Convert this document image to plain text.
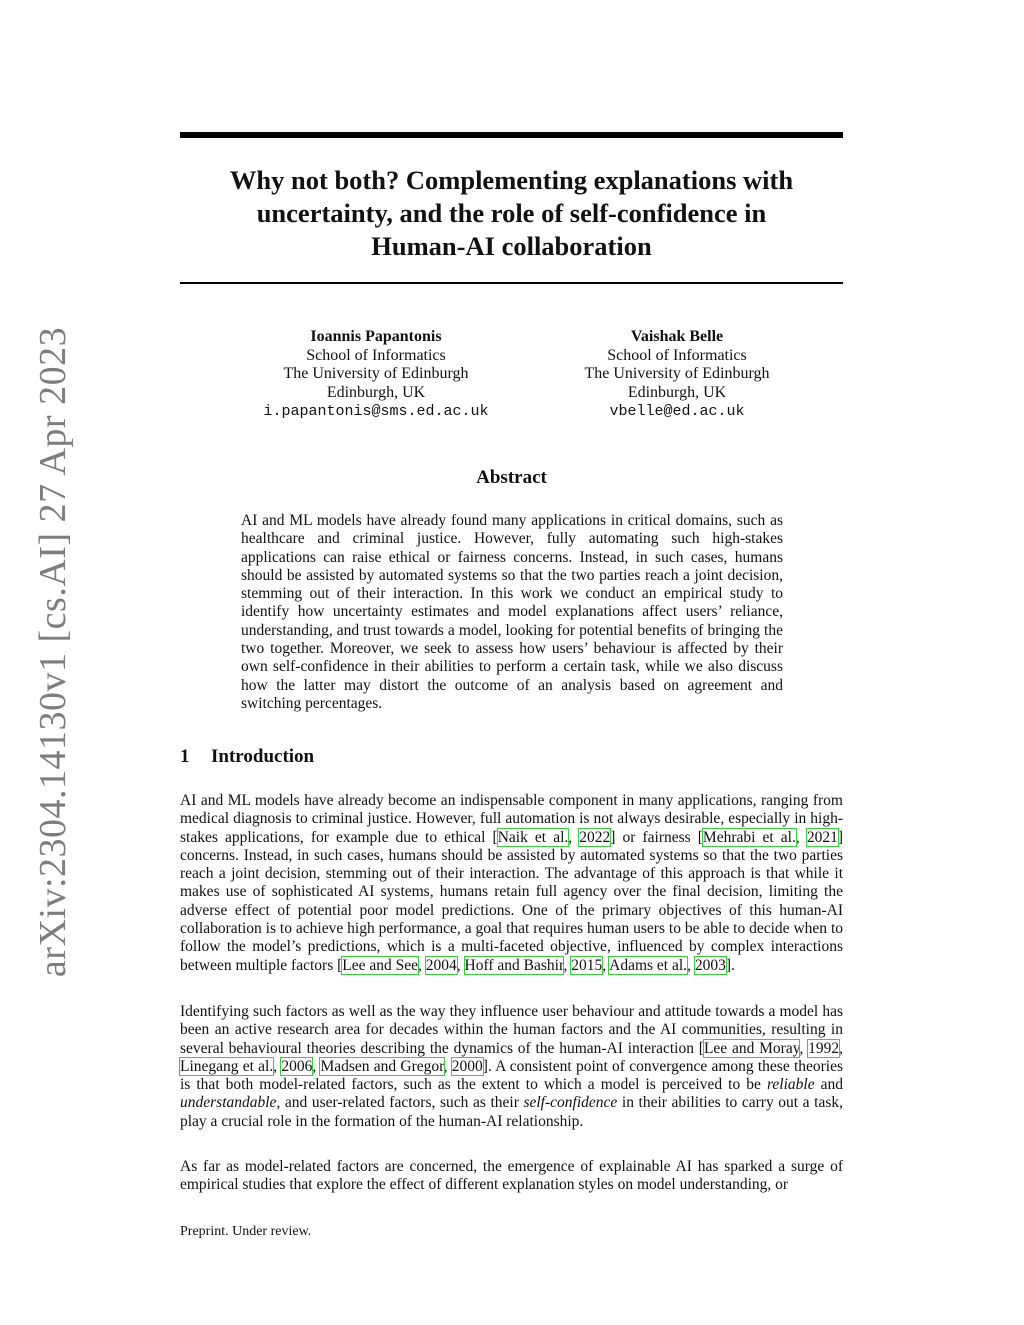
arXiv:2304.14130v1 [cs.AI] 27 Apr 2023
Why not both? Complementing explanations with
uncertainty, and the role of self-confidence in
Human-AI collaboration
Ioannis Papantonis
School of Informatics
The University of Edinburgh
Edinburgh, UK
i.papantonis@sms.ed.ac.uk
Vaishak Belle
School of Informatics
The University of Edinburgh
Edinburgh, UK
vbelle@ed.ac.uk
Abstract

AI and ML models have already found many applications in critical domains, such as healthcare and criminal justice. However, fully automating such high-stakes applications can raise ethical or fairness concerns. Instead, in such cases, humans should be assisted by automated systems so that the two parties reach a joint decision, stemming out of their interaction. In this work we conduct an empirical study to identify how uncertainty estimates and model explanations affect users’ reliance, understanding, and trust towards a model, looking for potential benefits of bringing the two together. Moreover, we seek to assess how users’ behaviour is affected by their own self-confidence in their abilities to perform a certain task, while we also discuss how the latter may distort the outcome of an analysis based on agreement and switching percentages.

1 Introduction

AI and ML models have already become an indispensable component in many applications, ranging from medical diagnosis to criminal justice. However, full automation is not always desirable, especially in high-stakes applications, for example due to ethical [Naik et al., 2022] or fairness [Mehrabi et al., 2021] concerns. Instead, in such cases, humans should be assisted by automated systems so that the two parties reach a joint decision, stemming out of their interaction. The advantage of this approach is that while it makes use of sophisticated AI systems, humans retain full agency over the final decision, limiting the adverse effect of potential poor model predictions. One of the primary objectives of this human-AI collaboration is to achieve high performance, a goal that requires human users to be able to decide when to follow the model’s predictions, which is a multi-faceted objective, influenced by complex interactions between multiple factors [Lee and See, 2004, Hoff and Bashir, 2015, Adams et al., 2003].

Identifying such factors as well as the way they influence user behaviour and attitude towards a model has been an active research area for decades within the human factors and the AI communities, resulting in several behavioural theories describing the dynamics of the human-AI interaction [Lee and Moray, 1992, Linegang et al., 2006, Madsen and Gregor, 2000]. A consistent point of convergence among these theories is that both model-related factors, such as the extent to which a model is perceived to be reliable and understandable, and user-related factors, such as their self-confidence in their abilities to carry out a task, play a crucial role in the formation of the human-AI relationship.

As far as model-related factors are concerned, the emergence of explainable AI has sparked a surge of empirical studies that explore the effect of different explanation styles on model understanding, or

Preprint. Under review.
